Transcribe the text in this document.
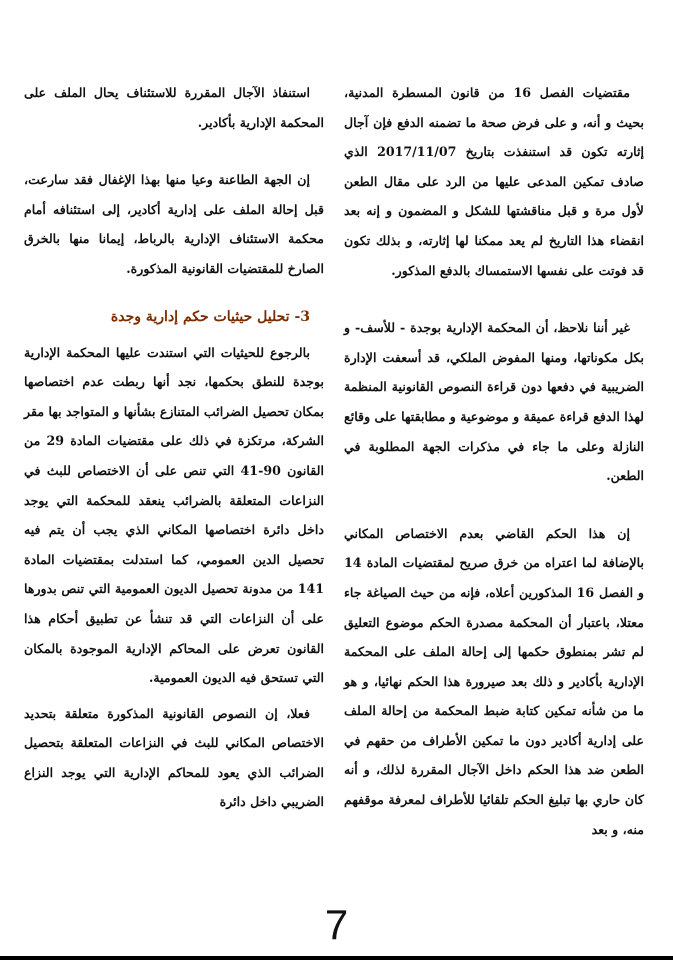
مقتضيات الفصل 16 من قانون المسطرة المدنية، بحيث و أنه، و على فرض صحة ما تضمنه الدفع فإن آجال إثارته تكون قد استنفذت بتاريخ 2017/11/07 الذي صادف تمكين المدعى عليها من الرد على مقال الطعن لأول مرة و قبل مناقشتها للشكل و المضمون و إنه بعد انقضاء هذا التاريخ لم يعد ممكنا لها إثارته، و بذلك تكون قد فوتت على نفسها الاستمساك بالدفع المذكور.

غير أننا نلاحظ، أن المحكمة الإدارية بوجدة - للأسف- و بكل مكوناتها، ومنها المفوض الملكي، قد أسعفت الإدارة الضريبية في دفعها دون قراءة النصوص القانونية المنظمة لهذا الدفع قراءة عميقة و موضوعية و مطابقتها على وقائع النازلة وعلى ما جاء في مذكرات الجهة المطلوبة في الطعن.

إن هذا الحكم القاضي بعدم الاختصاص المكاني بالإضافة لما اعتراه من خرق صريح لمقتضيات المادة 14 و الفصل 16 المذكورين أعلاه، فإنه من حيث الصياغة جاء معتلا، باعتبار أن المحكمة مصدرة الحكم موضوع التعليق لم تشر بمنطوق حكمها إلى إحالة الملف على المحكمة الإدارية بأكادير و ذلك بعد صيرورة هذا الحكم نهائيا، و هو ما من شأنه تمكين كتابة ضبط المحكمة من إحالة الملف على إدارية أكادير دون ما تمكين الأطراف من حقهم في الطعن ضد هذا الحكم داخل الآجال المقررة لذلك، و أنه كان حاري بها تبليغ الحكم تلقائيا للأطراف لمعرفة موقفهم منه، و بعد

استنفاذ الآجال المقررة للاستئناف يحال الملف على المحكمة الإدارية بأكادير.

إن الجهة الطاعنة وعيا منها بهذا الإغفال فقد سارعت، قبل إحالة الملف على إدارية أكادير، إلى استئنافه أمام محكمة الاستئناف الإدارية بالرباط، إيمانا منها بالخرق الصارخ للمقتضيات القانونية المذكورة.

3- تحليل حيثيات حكم إدارية وجدة

بالرجوع للحيثيات التي استندت عليها المحكمة الإدارية بوجدة للنطق بحكمها، نجد أنها ربطت عدم اختصاصها بمكان تحصيل الضرائب المتنازع بشأنها و المتواجد بها مقر الشركة، مرتكزة في ذلك على مقتضيات المادة 29 من القانون 90-41 التي تنص على أن الاختصاص للبث في النزاعات المتعلقة بالضرائب ينعقد للمحكمة التي يوجد داخل دائرة اختصاصها المكاني الذي يجب أن يتم فيه تحصيل الدين العمومي، كما استدلت بمقتضيات المادة 141 من مدونة تحصيل الديون العمومية التي تنص بدورها على أن النزاعات التي قد تنشأ عن تطبيق أحكام هذا القانون تعرض على المحاكم الإدارية الموجودة بالمكان التي تستحق فيه الديون العمومية.

فعلا، إن النصوص القانونية المذكورة متعلقة بتحديد الاختصاص المكاني للبث في النزاعات المتعلقة بتحصيل الضرائب الذي يعود للمحاكم الإدارية التي يوجد النزاع الضريبي داخل دائرة

7
